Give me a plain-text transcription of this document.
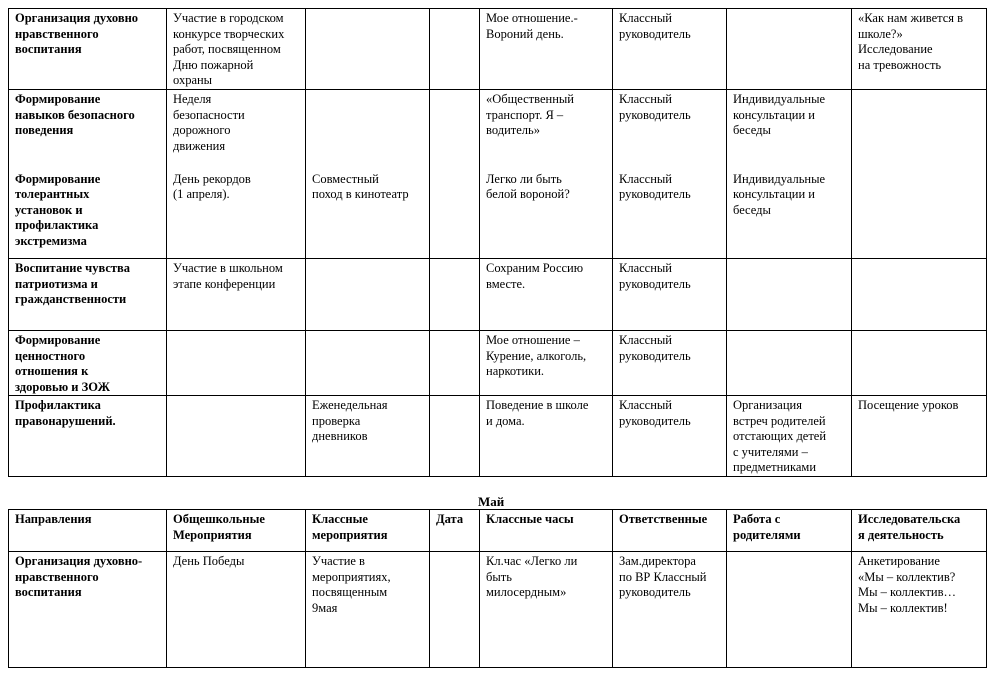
Организация духовно
нравственного
воспитания	Участие в городском
конкурсе творческих
работ, посвященном
Дню пожарной
охраны			Мое отношение.-
Вороний день.	Классный
руководитель		«Как нам живется в
школе?»
Исследование
на тревожность

Формирование
навыков безопасного
поведения	Неделя
безопасности
дорожного
движения			«Общественный
транспорт. Я –
водитель»	Классный
руководитель	Индивидуальные
консультации и
беседы	

Формирование
толерантных
установок и
профилактика
экстремизма	День рекордов
(1 апреля).	Совместный
поход в кинотеатр		Легко ли быть
белой вороной?	Классный
руководитель	Индивидуальные
консультации и
беседы	

Воспитание чувства
патриотизма и
гражданственности	Участие в школьном
этапе конференции			Сохраним Россию
вместе.	Классный
руководитель		

Формирование
ценностного
отношения к
здоровью и ЗОЖ				Мое отношение –
Курение, алкоголь,
наркотики.	Классный
руководитель		

Профилактика
правонарушений.		Еженедельная
проверка
дневников		Поведение в школе
и дома.	Классный
руководитель	Организация
встреч родителей
отстающих детей
с учителями –
предметниками	Посещение уроков
Май
Направления	Общешкольные
Мероприятия	Классные
мероприятия	Дата	Классные часы	Ответственные	Работа с
родителями	Исследовательска
я деятельность

Организация духовно-
нравственного
воспитания	День Победы	Участие в
мероприятиях,
посвященным
9мая		Кл.час «Легко ли
быть
милосердным»	Зам.директора
по ВР Классный
руководитель		Анкетирование
«Мы – коллектив?
Мы – коллектив…
Мы – коллектив!
